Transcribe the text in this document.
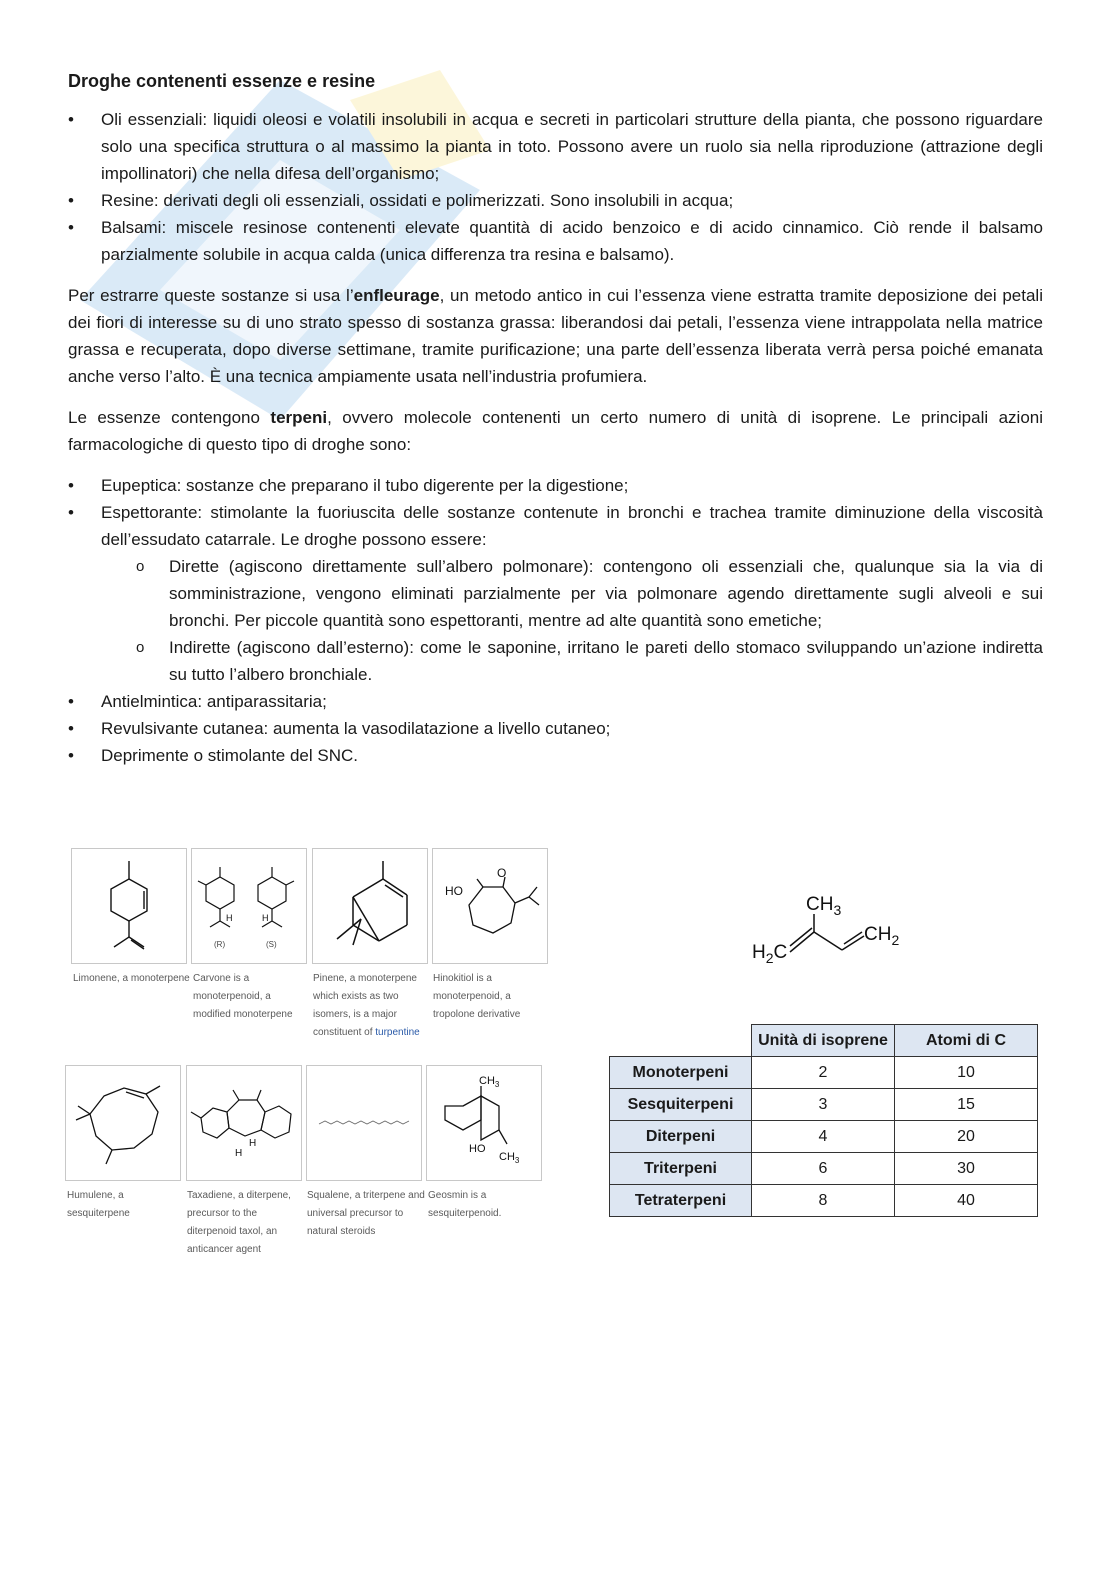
Droghe contenenti essenze e resine
• Oli essenziali: liquidi oleosi e volatili insolubili in acqua e secreti in particolari strutture della pianta, che possono riguardare solo una specifica struttura o al massimo la pianta in toto. Possono avere un ruolo sia nella riproduzione (attrazione degli impollinatori) che nella difesa dell’organismo;
• Resine: derivati degli oli essenziali, ossidati e polimerizzati. Sono insolubili in acqua;
• Balsami: miscele resinose contenenti elevate quantità di acido benzoico e di acido cinnamico. Ciò rende il balsamo parzialmente solubile in acqua calda (unica differenza tra resina e balsamo).

Per estrarre queste sostanze si usa l’enfleurage, un metodo antico in cui l’essenza viene estratta tramite deposizione dei petali dei fiori di interesse su di uno strato spesso di sostanza grassa: liberandosi dai petali, l’essenza viene intrappolata nella matrice grassa e recuperata, dopo diverse settimane, tramite purificazione; una parte dell’essenza liberata verrà persa poiché emanata anche verso l’alto. È una tecnica ampiamente usata nell’industria profumiera.

Le essenze contengono terpeni, ovvero molecole contenenti un certo numero di unità di isoprene. Le principali azioni farmacologiche di questo tipo di droghe sono:

• Eupeptica: sostanze che preparano il tubo digerente per la digestione;
• Espettorante: stimolante la fuoriuscita delle sostanze contenute in bronchi e trachea tramite diminuzione della viscosità dell’essudato catarrale. Le droghe possono essere:
o Dirette (agiscono direttamente sull’albero polmonare): contengono oli essenziali che, qualunque sia la via di somministrazione, vengono eliminati parzialmente per via polmonare agendo direttamente sugli alveoli e sui bronchi. Per piccole quantità sono espettoranti, mentre ad alte quantità sono emetiche;
o Indirette (agiscono dall’esterno): come le saponine, irritano le pareti dello stomaco sviluppando un’azione indiretta su tutto l’albero bronchiale.
• Antielmintica: antiparassitaria;
• Revulsivante cutanea: aumenta la vasodilatazione a livello cutaneo;
• Deprimente o stimolante del SNC.
Limonene, a monoterpene
H	H
(R)	(S)
Carvone is a monoterpenoid, a modified monoterpene
Pinene, a monoterpene which exists as two isomers, is a major constituent of turpentine
HO
O
Hinokitiol is a monoterpenoid, a tropolone derivative
Humulene, a sesquiterpene
H
H
Taxadiene, a diterpene, precursor to the diterpenoid taxol, an anticancer agent
Squalene, a triterpene and universal precursor to natural steroids
$CH_3$
HO
$CH_3$
Geosmin is a sesquiterpenoid.
$CH_3$
$H_2C$
$CH_2$
	Unità di isoprene	Atomi di C
Monoterpeni	2	10
Sesquiterpeni	3	15
Diterpeni	4	20
Triterpeni	6	30
Tetraterpeni	8	40
